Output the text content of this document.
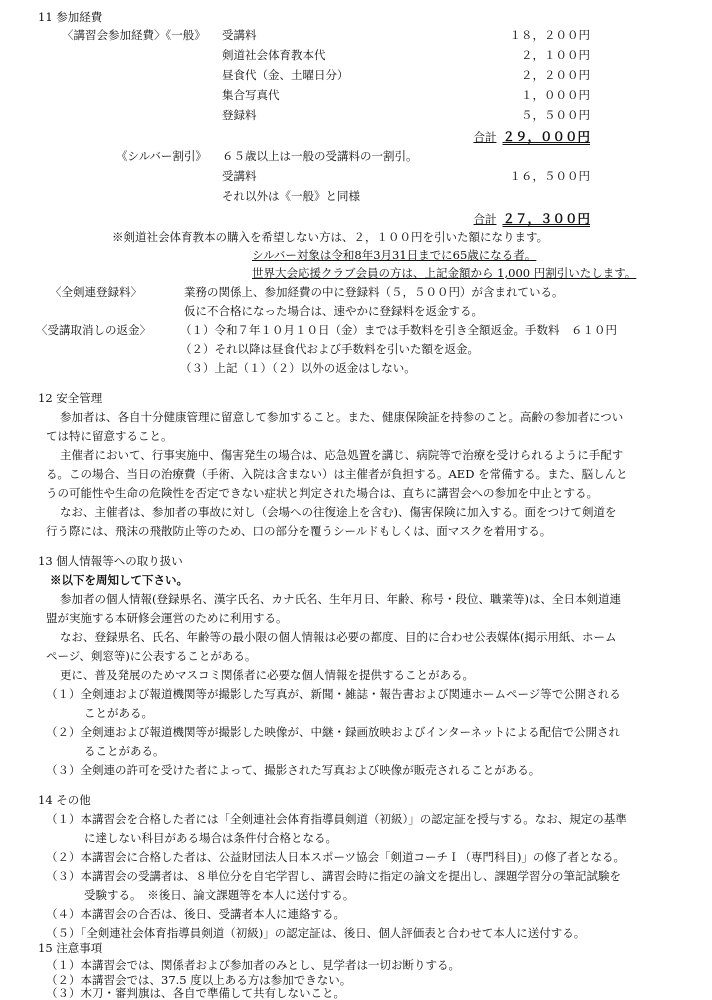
11 参加経費
〈講習会参加経費〉《一般》 受講料	１８，２００円
剣道社会体育教本代	２，１００円
昼食代（金、土曜日分）	２，２００円
集合写真代	１，０００円
登録料	５，５００円
合計 ２９，０００円
《シルバー割引》 ６５歳以上は一般の受講料の一割引。
受講料	１６，５００円
それ以外は《一般》と同様
合計 ２７，３００円
※剣道社会体育教本の購入を希望しない方は、２，１００円を引いた額になります。
シルバー対象は令和8年3月31日までに65歳になる者。
世界大会応援クラブ会員の方は、上記金額から 1,000 円割引いたします。
〈全剣連登録料〉	業務の関係上、参加経費の中に登録料（５，５００円）が含まれている。
仮に不合格になった場合は、速やかに登録料を返金する。
〈受講取消しの返金〉	（１）令和７年１０月１０日（金）までは手数料を引き全額返金。手数料　６１０円
（２）それ以降は昼食代および手数料を引いた額を返金。
（３）上記（１）（２）以外の返金はしない。
12 安全管理
参加者は、各自十分健康管理に留意して参加すること。また、健康保険証を持参のこと。高齢の参加者につい
ては特に留意すること。
主催者において、行事実施中、傷害発生の場合は、応急処置を講じ、病院等で治療を受けられるように手配す
る。この場合、当日の治療費（手術、入院は含まない）は主催者が負担する。AED を常備する。また、脳しんと
うの可能性や生命の危険性を否定できない症状と判定された場合は、直ちに講習会への参加を中止とする。
なお、主催者は、参加者の事故に対し（会場への往復途上を含む)、傷害保険に加入する。面をつけて剣道を
行う際には、飛沫の飛散防止等のため、口の部分を覆うシールドもしくは、面マスクを着用する。
13 個人情報等への取り扱い
※以下を周知して下さい。
参加者の個人情報(登録県名、漢字氏名、カナ氏名、生年月日、年齢、称号・段位、職業等)は、全日本剣道連
盟が実施する本研修会運営のために利用する。
なお、登録県名、氏名、年齢等の最小限の個人情報は必要の都度、目的に合わせ公表媒体(掲示用紙、ホーム
ページ、剣窓等)に公表することがある。
更に、普及発展のためマスコミ関係者に必要な個人情報を提供することがある。
（１）全剣連および報道機関等が撮影した写真が、新聞・雑誌・報告書および関連ホームページ等で公開される
ことがある。
（２）全剣連および報道機関等が撮影した映像が、中継・録画放映およびインターネットによる配信で公開され
ることがある。
（３）全剣連の許可を受けた者によって、撮影された写真および映像が販売されることがある。
14 その他
（１）本講習会を合格した者には「全剣連社会体育指導員剣道（初級）」の認定証を授与する。なお、規定の基準
に達しない科目がある場合は条件付合格となる。
（２）本講習会に合格した者は、公益財団法人日本スポーツ協会「剣道コーチＩ（専門科目)」の修了者となる。
（３）本講習会の受講者は、８単位分を自宅学習し、講習会時に指定の論文を提出し、課題学習分の筆記試験を
受験する。　※後日、論文課題等を本人に送付する。
（４）本講習会の合否は、後日、受講者本人に連絡する。
（５）「全剣連社会体育指導員剣道（初級)」の認定証は、後日、個人評価表と合わせて本人に送付する。
15 注意事項
（１）本講習会では、関係者および参加者のみとし、見学者は一切お断りする。
（２）本講習会では、37.5 度以上ある方は参加できない。
（３）木刀・審判旗は、各自で準備して共有しないこと。
